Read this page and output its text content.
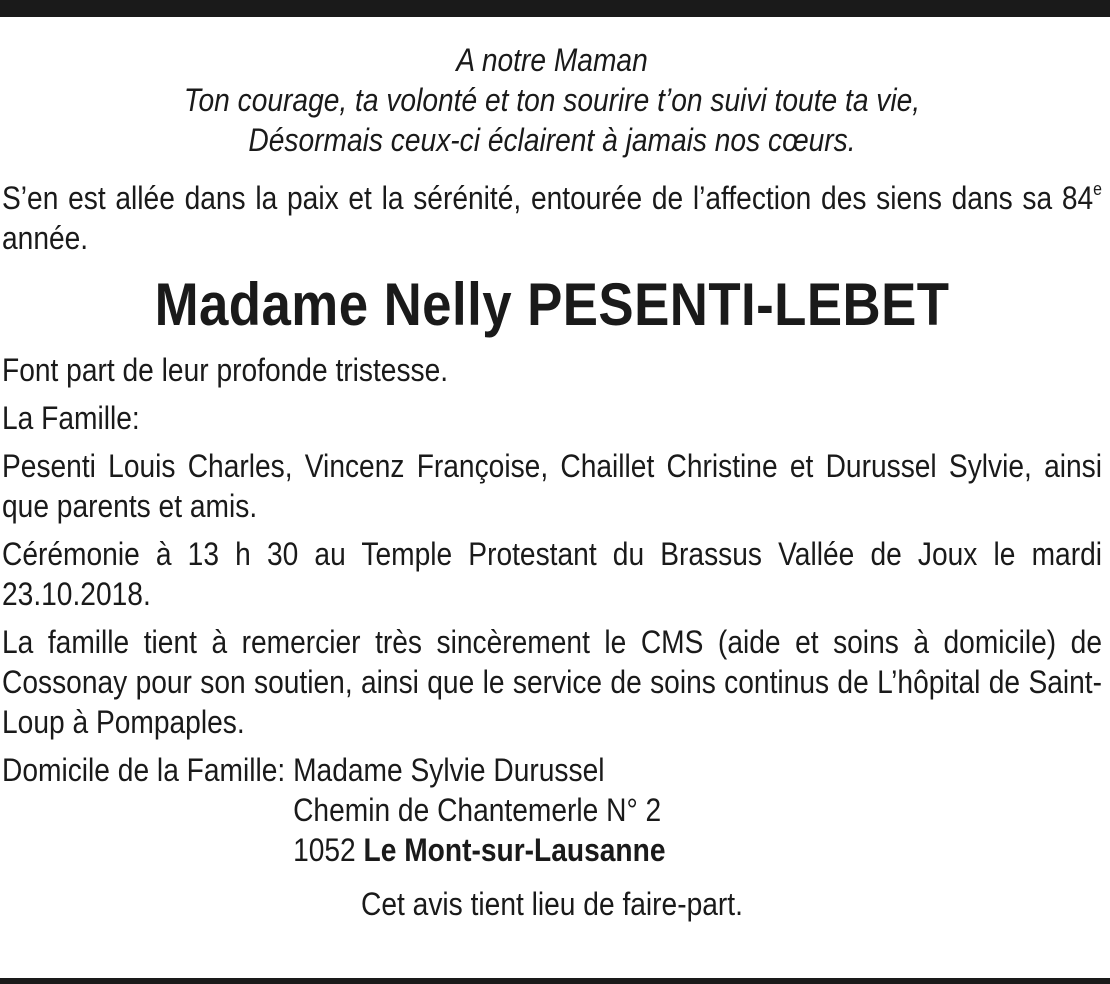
A notre Maman

Ton courage, ta volonté et ton sourire t’on suivi toute ta vie,

Désormais ceux-ci éclairent à jamais nos cœurs.

S’en est allée dans la paix et la sérénité, entourée de l’affection des siens dans sa 84e année.

Madame Nelly PESENTI-LEBET

Font part de leur profonde tristesse.

La Famille:

Pesenti Louis Charles, Vincenz Françoise, Chaillet Christine et Durussel Sylvie, ainsi que parents et amis.

Cérémonie à 13 h 30 au Temple Protestant du Brassus Vallée de Joux le mardi 23.10.2018.

La famille tient à remercier très sincèrement le CMS (aide et soins à domicile) de Cossonay pour son soutien, ainsi que le service de soins continus de L’hôpital de Saint-Loup à Pompaples.

Domicile de la Famille: Madame Sylvie Durussel
Chemin de Chantemerle N° 2
1052 Le Mont-sur-Lausanne

Cet avis tient lieu de faire-part.
